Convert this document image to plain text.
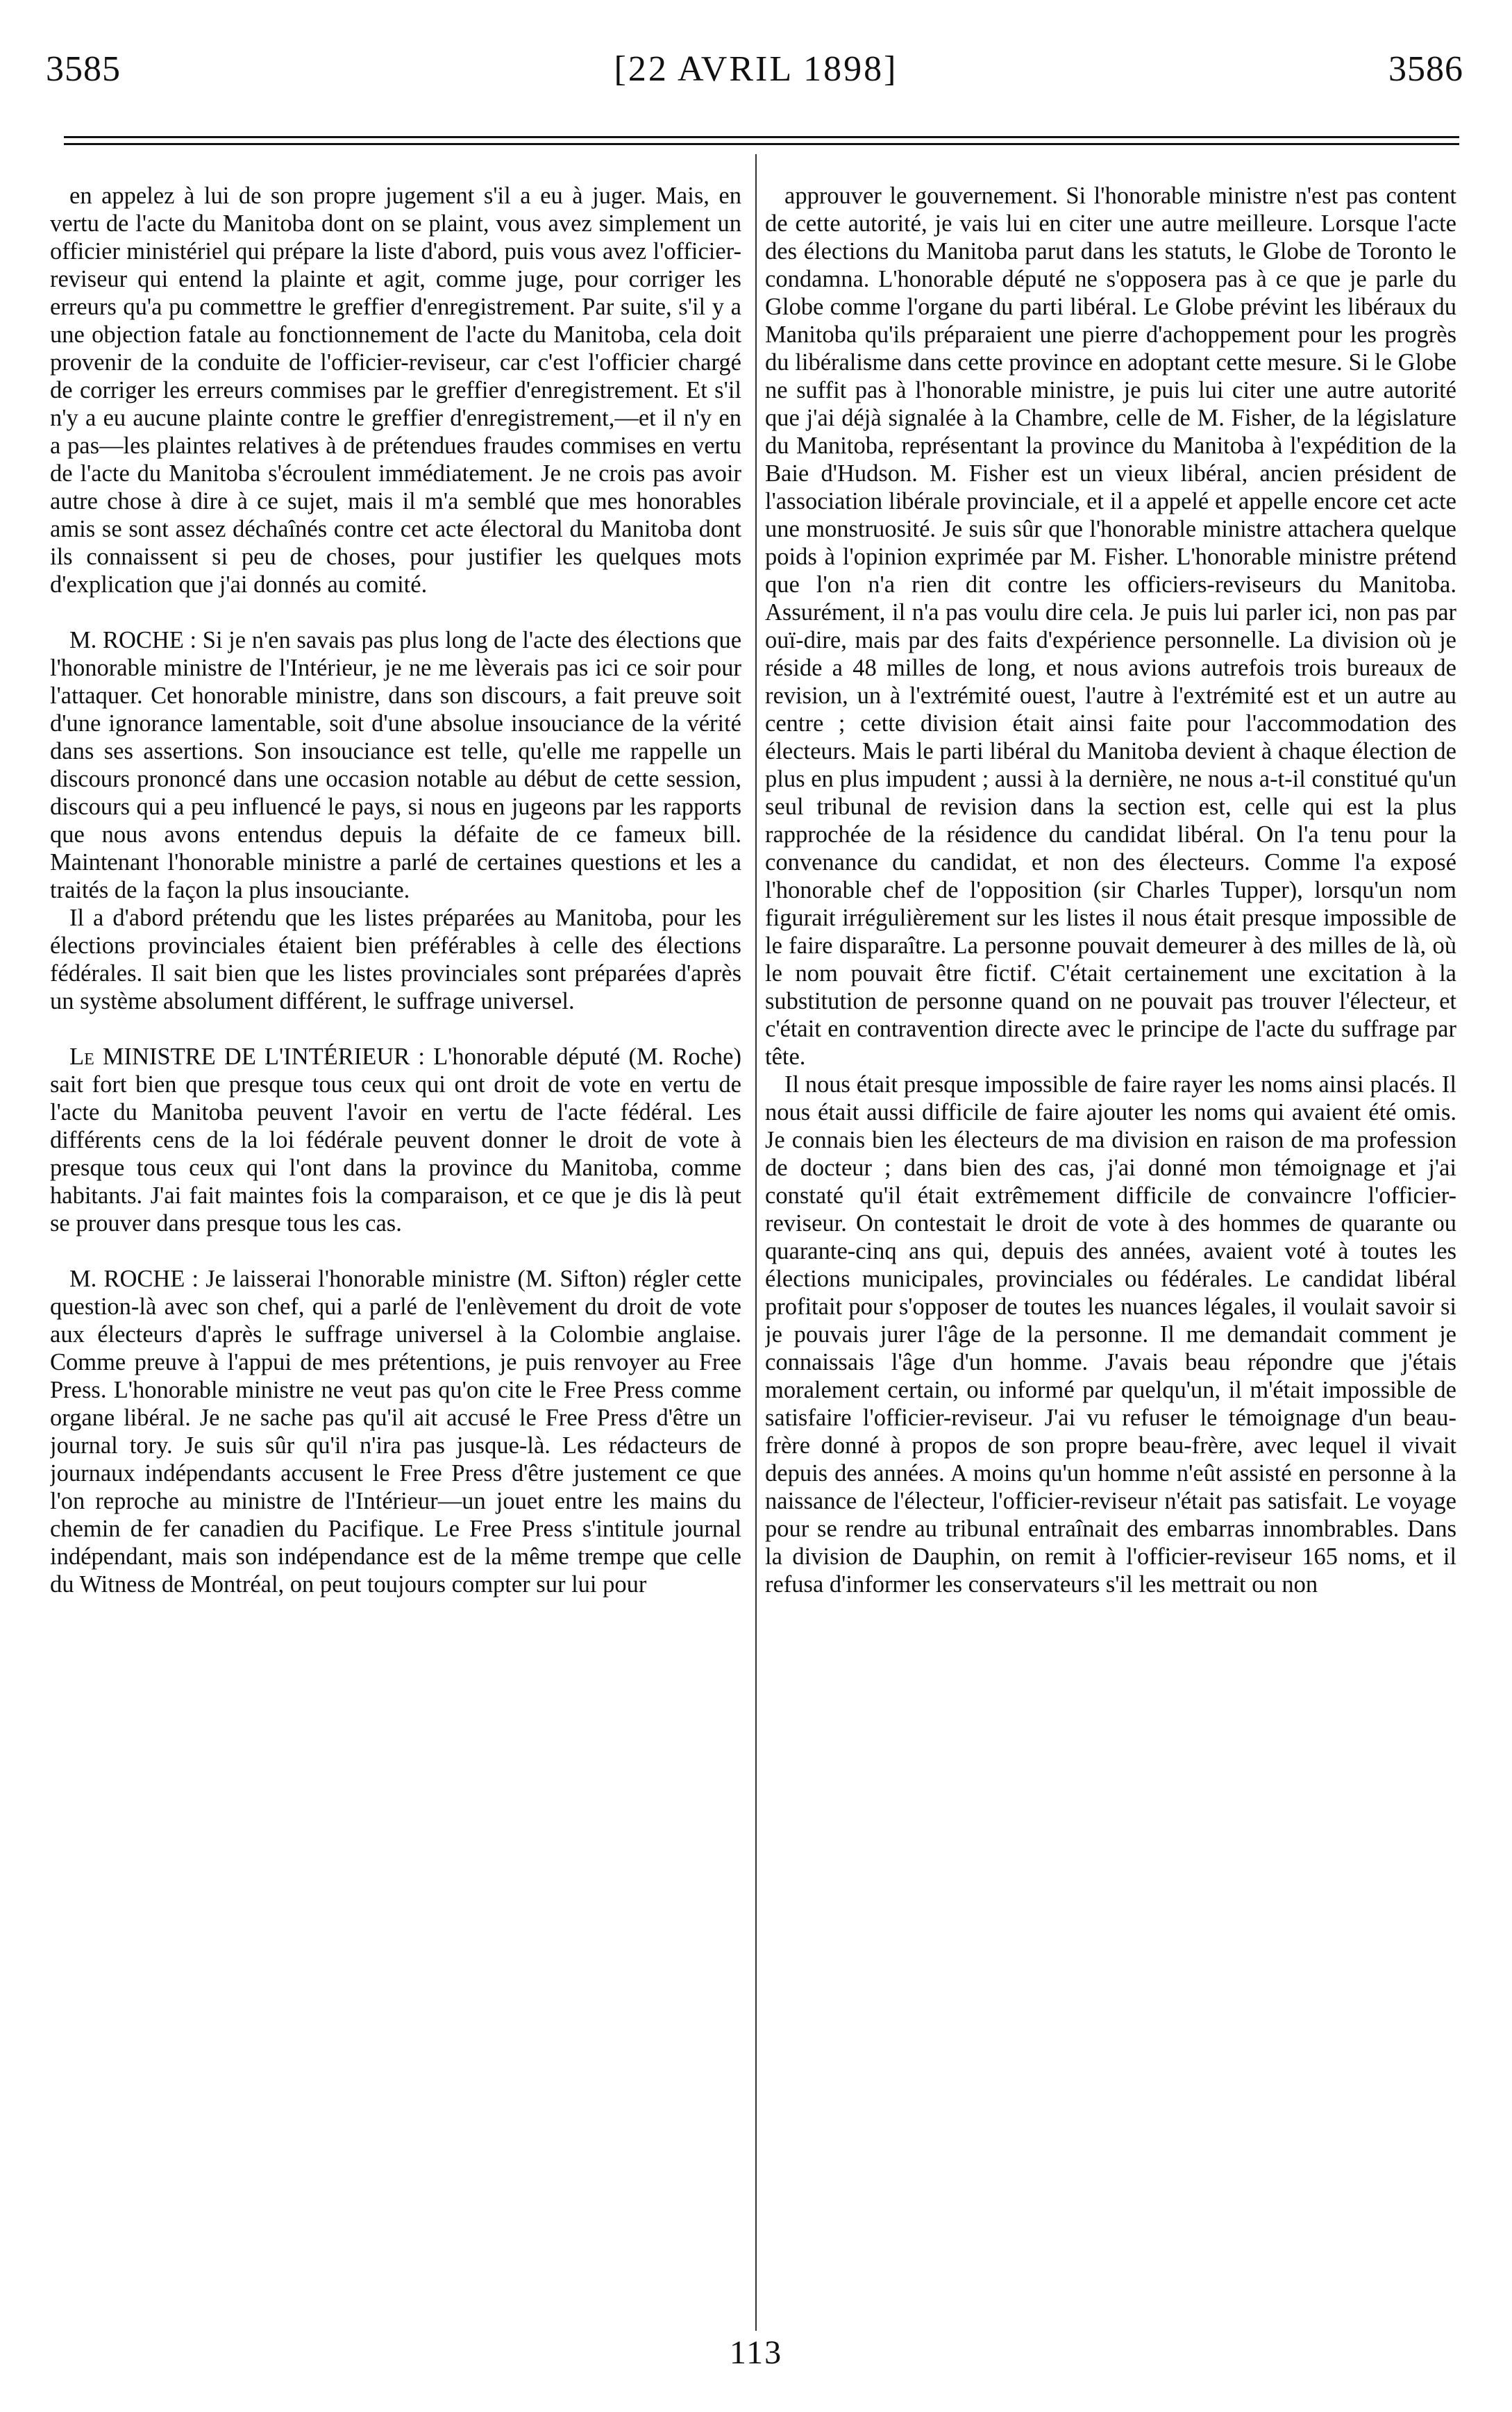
3585	[22 AVRIL 1898]	3586

en appelez à lui de son propre jugement s'il a eu à juger. Mais, en vertu de l'acte du Manitoba dont on se plaint, vous avez simplement un officier ministériel qui prépare la liste d'abord, puis vous avez l'officier-reviseur qui entend la plainte et agit, comme juge, pour corriger les erreurs qu'a pu commettre le greffier d'enregistrement. Par suite, s'il y a une objection fatale au fonctionnement de l'acte du Manitoba, cela doit provenir de la conduite de l'officier-reviseur, car c'est l'officier chargé de corriger les erreurs commises par le greffier d'enregistrement. Et s'il n'y a eu aucune plainte contre le greffier d'enregistrement,—et il n'y en a pas—les plaintes relatives à de prétendues fraudes commises en vertu de l'acte du Manitoba s'écroulent immédiatement. Je ne crois pas avoir autre chose à dire à ce sujet, mais il m'a semblé que mes honorables amis se sont assez déchaînés contre cet acte électoral du Manitoba dont ils connaissent si peu de choses, pour justifier les quelques mots d'explication que j'ai donnés au comité.

M. ROCHE : Si je n'en savais pas plus long de l'acte des élections que l'honorable ministre de l'Intérieur, je ne me lèverais pas ici ce soir pour l'attaquer. Cet honorable ministre, dans son discours, a fait preuve soit d'une ignorance lamentable, soit d'une absolue insouciance de la vérité dans ses assertions. Son insouciance est telle, qu'elle me rappelle un discours prononcé dans une occasion notable au début de cette session, discours qui a peu influencé le pays, si nous en jugeons par les rapports que nous avons entendus depuis la défaite de ce fameux bill. Maintenant l'honorable ministre a parlé de certaines questions et les a traités de la façon la plus insouciante.

Il a d'abord prétendu que les listes préparées au Manitoba, pour les élections provinciales étaient bien préférables à celle des élections fédérales. Il sait bien que les listes provinciales sont préparées d'après un système absolument différent, le suffrage universel.

Le MINISTRE DE L'INTÉRIEUR : L'honorable député (M. Roche) sait fort bien que presque tous ceux qui ont droit de vote en vertu de l'acte du Manitoba peuvent l'avoir en vertu de l'acte fédéral. Les différents cens de la loi fédérale peuvent donner le droit de vote à presque tous ceux qui l'ont dans la province du Manitoba, comme habitants. J'ai fait maintes fois la comparaison, et ce que je dis là peut se prouver dans presque tous les cas.

M. ROCHE : Je laisserai l'honorable ministre (M. Sifton) régler cette question-là avec son chef, qui a parlé de l'enlèvement du droit de vote aux électeurs d'après le suffrage universel à la Colombie anglaise. Comme preuve à l'appui de mes prétentions, je puis renvoyer au Free Press. L'honorable ministre ne veut pas qu'on cite le Free Press comme organe libéral. Je ne sache pas qu'il ait accusé le Free Press d'être un journal tory. Je suis sûr qu'il n'ira pas jusque-là. Les rédacteurs de journaux indépendants accusent le Free Press d'être justement ce que l'on reproche au ministre de l'Intérieur—un jouet entre les mains du chemin de fer canadien du Pacifique. Le Free Press s'intitule journal indépendant, mais son indépendance est de la même trempe que celle du Witness de Montréal, on peut toujours compter sur lui pour

approuver le gouvernement. Si l'honorable ministre n'est pas content de cette autorité, je vais lui en citer une autre meilleure. Lorsque l'acte des élections du Manitoba parut dans les statuts, le Globe de Toronto le condamna. L'honorable député ne s'opposera pas à ce que je parle du Globe comme l'organe du parti libéral. Le Globe prévint les libéraux du Manitoba qu'ils préparaient une pierre d'achoppement pour les progrès du libéralisme dans cette province en adoptant cette mesure. Si le Globe ne suffit pas à l'honorable ministre, je puis lui citer une autre autorité que j'ai déjà signalée à la Chambre, celle de M. Fisher, de la législature du Manitoba, représentant la province du Manitoba à l'expédition de la Baie d'Hudson. M. Fisher est un vieux libéral, ancien président de l'association libérale provinciale, et il a appelé et appelle encore cet acte une monstruosité. Je suis sûr que l'honorable ministre attachera quelque poids à l'opinion exprimée par M. Fisher. L'honorable ministre prétend que l'on n'a rien dit contre les officiers-reviseurs du Manitoba. Assurément, il n'a pas voulu dire cela. Je puis lui parler ici, non pas par ouï-dire, mais par des faits d'expérience personnelle. La division où je réside a 48 milles de long, et nous avions autrefois trois bureaux de revision, un à l'extrémité ouest, l'autre à l'extrémité est et un autre au centre ; cette division était ainsi faite pour l'accommodation des électeurs. Mais le parti libéral du Manitoba devient à chaque élection de plus en plus impudent ; aussi à la dernière, ne nous a-t-il constitué qu'un seul tribunal de revision dans la section est, celle qui est la plus rapprochée de la résidence du candidat libéral. On l'a tenu pour la convenance du candidat, et non des électeurs. Comme l'a exposé l'honorable chef de l'opposition (sir Charles Tupper), lorsqu'un nom figurait irrégulièrement sur les listes il nous était presque impossible de le faire disparaître. La personne pouvait demeurer à des milles de là, où le nom pouvait être fictif. C'était certainement une excitation à la substitution de personne quand on ne pouvait pas trouver l'électeur, et c'était en contravention directe avec le principe de l'acte du suffrage par tête.

Il nous était presque impossible de faire rayer les noms ainsi placés. Il nous était aussi difficile de faire ajouter les noms qui avaient été omis. Je connais bien les électeurs de ma division en raison de ma profession de docteur ; dans bien des cas, j'ai donné mon témoignage et j'ai constaté qu'il était extrêmement difficile de convaincre l'officier-reviseur. On contestait le droit de vote à des hommes de quarante ou quarante-cinq ans qui, depuis des années, avaient voté à toutes les élections municipales, provinciales ou fédérales. Le candidat libéral profitait pour s'opposer de toutes les nuances légales, il voulait savoir si je pouvais jurer l'âge de la personne. Il me demandait comment je connaissais l'âge d'un homme. J'avais beau répondre que j'étais moralement certain, ou informé par quelqu'un, il m'était impossible de satisfaire l'officier-reviseur. J'ai vu refuser le témoignage d'un beau-frère donné à propos de son propre beau-frère, avec lequel il vivait depuis des années. A moins qu'un homme n'eût assisté en personne à la naissance de l'électeur, l'officier-reviseur n'était pas satisfait. Le voyage pour se rendre au tribunal entraînait des embarras innombrables. Dans la division de Dauphin, on remit à l'officier-reviseur 165 noms, et il refusa d'informer les conservateurs s'il les mettrait ou non

113
